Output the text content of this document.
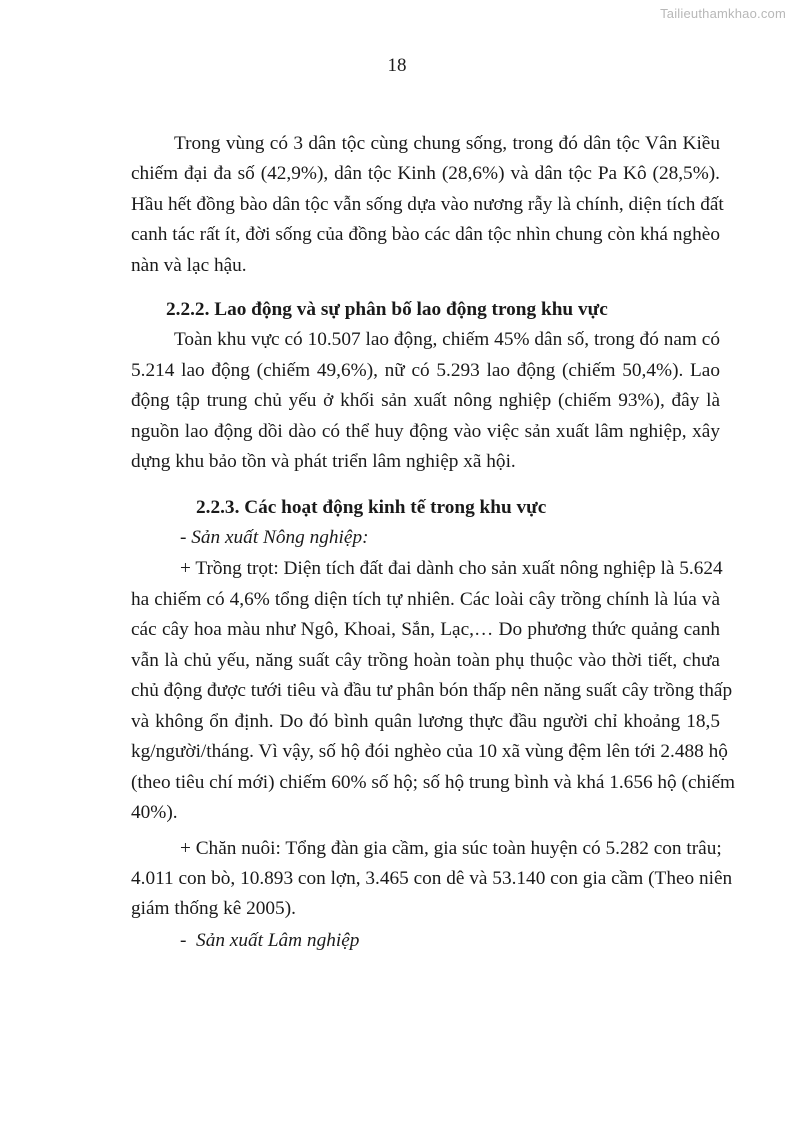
Tailieuthamkhao.com
18
Trong vùng có 3 dân tộc cùng chung sống, trong đó dân tộc Vân Kiều
chiếm đại đa số (42,9%), dân tộc Kinh (28,6%) và dân tộc Pa Kô (28,5%).
Hầu hết đồng bào dân tộc vẫn sống dựa vào nương rẫy là chính, diện tích đất
canh tác rất ít, đời sống của đồng bào các dân tộc nhìn chung còn khá nghèo
nàn và lạc hậu.
2.2.2. Lao động và sự phân bố lao động trong khu vực
Toàn khu vực có 10.507 lao động, chiếm 45% dân số, trong đó nam có
5.214 lao động (chiếm 49,6%), nữ có 5.293 lao động (chiếm 50,4%). Lao
động tập trung chủ yếu ở khối sản xuất nông nghiệp (chiếm 93%), đây là
nguồn lao động dồi dào có thể huy động vào việc sản xuất lâm nghiệp, xây
dựng khu bảo tồn và phát triển lâm nghiệp xã hội.
2.2.3. Các hoạt động kinh tế trong khu vực
- Sản xuất Nông nghiệp:
+ Trồng trọt: Diện tích đất đai dành cho sản xuất nông nghiệp là 5.624
ha chiếm có 4,6% tổng diện tích tự nhiên. Các loài cây trồng chính là lúa và
các cây hoa màu như Ngô, Khoai, Sắn, Lạc,… Do phương thức quảng canh
vẫn là chủ yếu, năng suất cây trồng hoàn toàn phụ thuộc vào thời tiết, chưa
chủ động được tưới tiêu và đầu tư phân bón thấp nên năng suất cây trồng thấp
và không ổn định. Do đó bình quân lương thực đầu người chỉ khoảng 18,5
kg/người/tháng. Vì vậy, số hộ đói nghèo của 10 xã vùng đệm lên tới 2.488 hộ
(theo tiêu chí mới) chiếm 60% số hộ; số hộ trung bình và khá 1.656 hộ (chiếm
40%).
+ Chăn nuôi: Tổng đàn gia cầm, gia súc toàn huyện có 5.282 con trâu;
4.011 con bò, 10.893 con lợn, 3.465 con dê và 53.140 con gia cầm (Theo niên
giám thống kê 2005).
-  Sản xuất Lâm nghiệp
